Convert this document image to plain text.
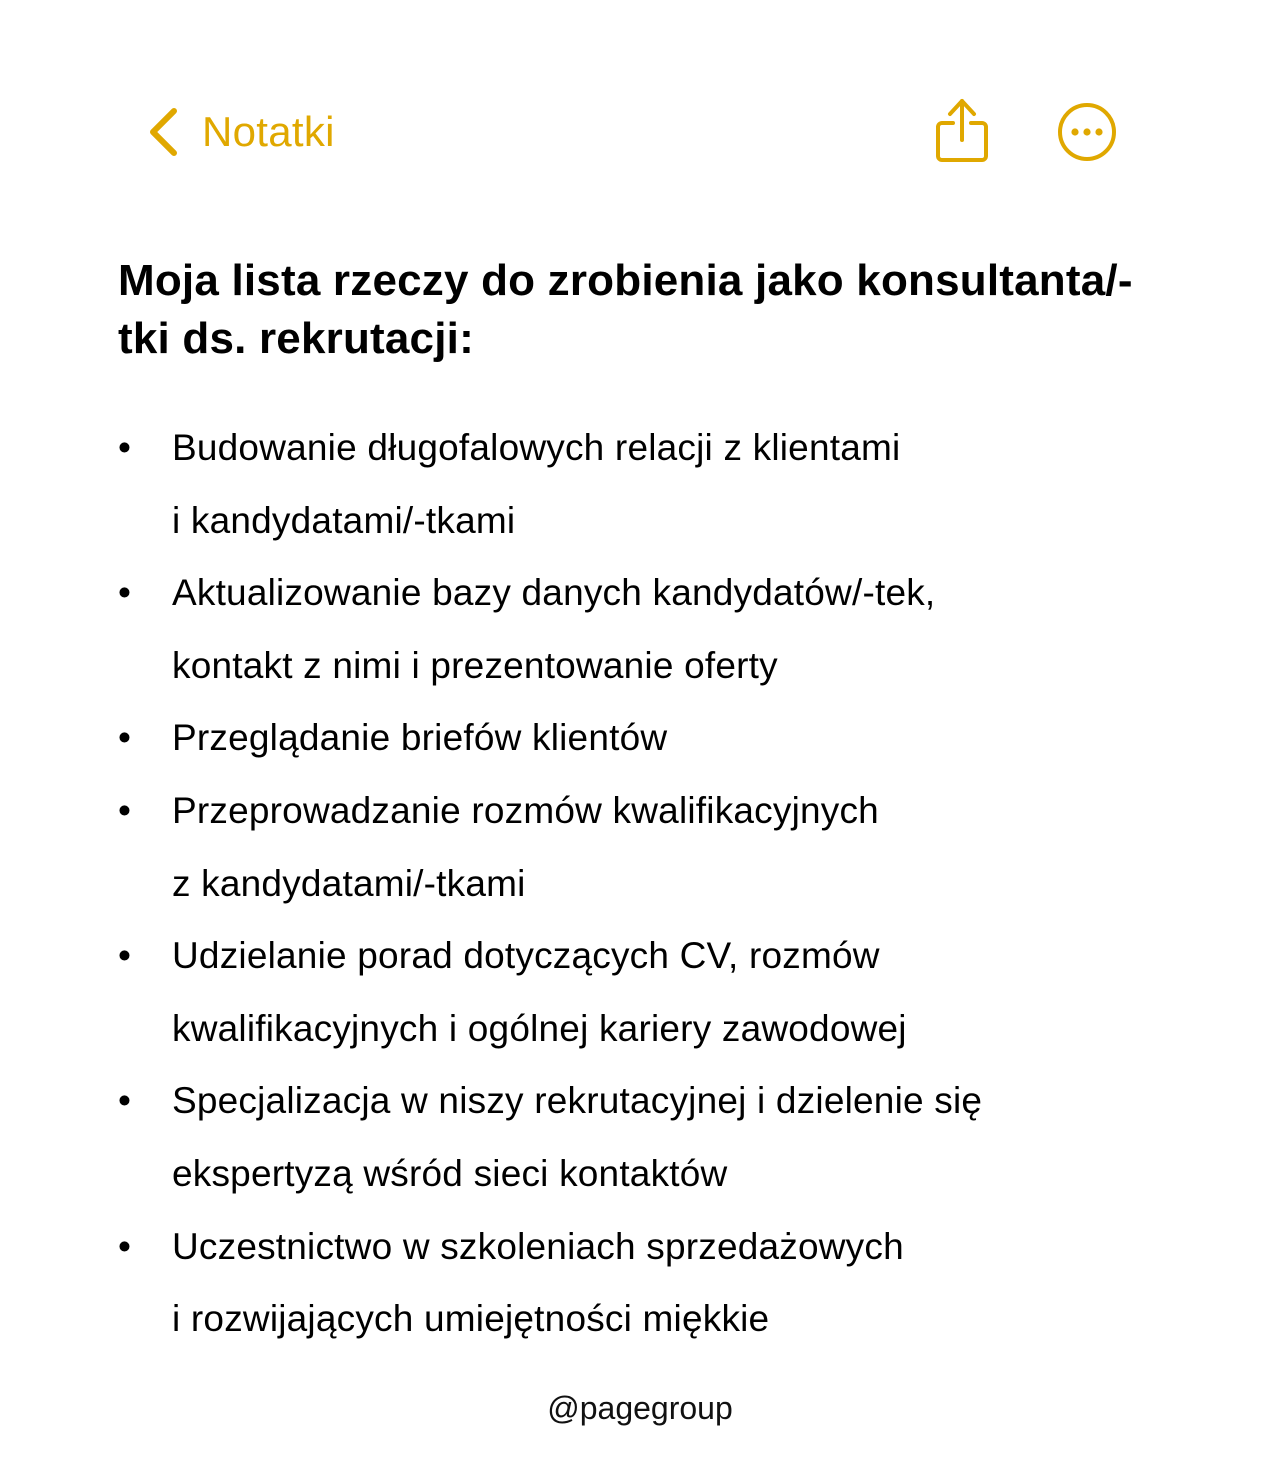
Notatki
Moja lista rzeczy do zrobienia jako konsultanta/-tki ds. rekrutacji:
• Budowanie długofalowych relacji z klientami
i kandydatami/-tkami
• Aktualizowanie bazy danych kandydatów/-tek,
kontakt z nimi i prezentowanie oferty
• Przeglądanie briefów klientów
• Przeprowadzanie rozmów kwalifikacyjnych
z kandydatami/-tkami
• Udzielanie porad dotyczących CV, rozmów
kwalifikacyjnych i ogólnej kariery zawodowej
• Specjalizacja w niszy rekrutacyjnej i dzielenie się
ekspertyzą wśród sieci kontaktów
• Uczestnictwo w szkoleniach sprzedażowych
i rozwijających umiejętności miękkie
@pagegroup
